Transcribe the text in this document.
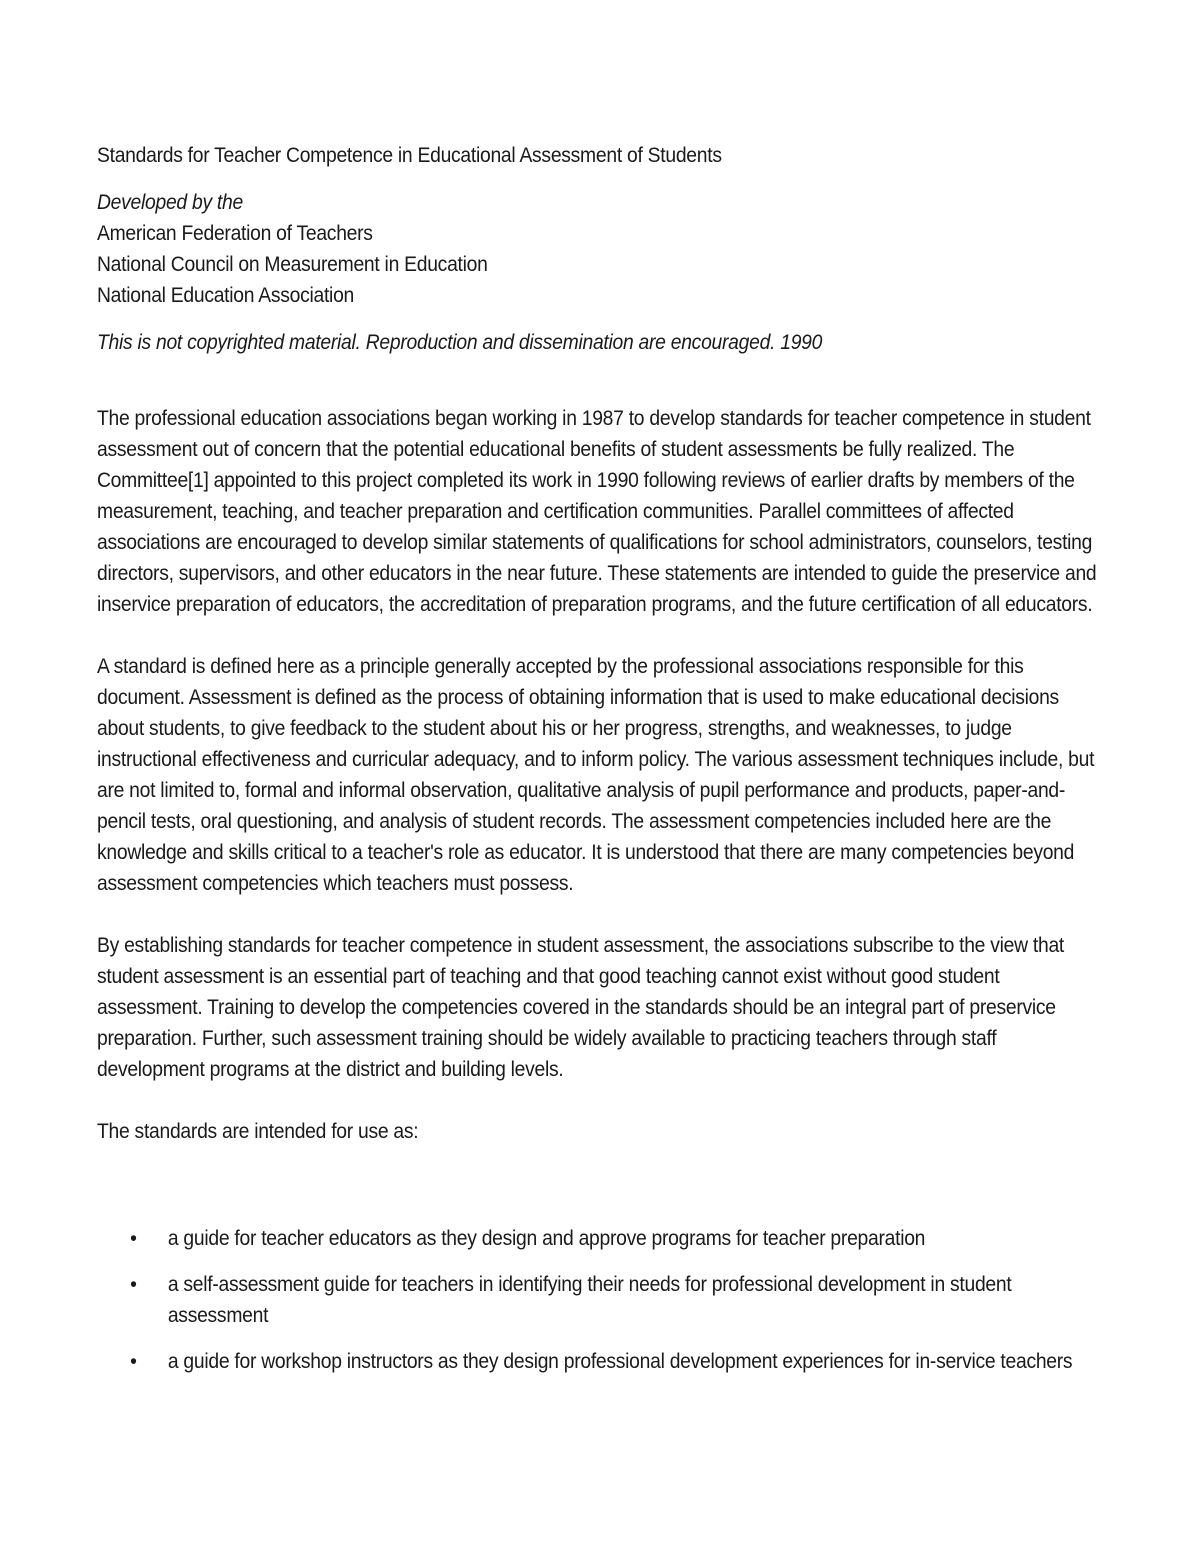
Standards for Teacher Competence in Educational Assessment of Students

Developed by the

American Federation of Teachers

National Council on Measurement in Education

National Education Association

This is not copyrighted material. Reproduction and dissemination are encouraged. 1990

The professional education associations began working in 1987 to develop standards for teacher competence in student assessment out of concern that the potential educational benefits of student assessments be fully realized. The Committee[1] appointed to this project completed its work in 1990 following reviews of earlier drafts by members of the measurement, teaching, and teacher preparation and certification communities. Parallel committees of affected associations are encouraged to develop similar statements of qualifications for school administrators, counselors, testing directors, supervisors, and other educators in the near future. These statements are intended to guide the preservice and inservice preparation of educators, the accreditation of preparation programs, and the future certification of all educators.

A standard is defined here as a principle generally accepted by the professional associations responsible for this document. Assessment is defined as the process of obtaining information that is used to make educational decisions about students, to give feedback to the student about his or her progress, strengths, and weaknesses, to judge instructional effectiveness and curricular adequacy, and to inform policy. The various assessment techniques include, but are not limited to, formal and informal observation, qualitative analysis of pupil performance and products, paper-and-pencil tests, oral questioning, and analysis of student records. The assessment competencies included here are the knowledge and skills critical to a teacher's role as educator. It is understood that there are many competencies beyond assessment competencies which teachers must possess.

By establishing standards for teacher competence in student assessment, the associations subscribe to the view that student assessment is an essential part of teaching and that good teaching cannot exist without good student assessment. Training to develop the competencies covered in the standards should be an integral part of preservice preparation. Further, such assessment training should be widely available to practicing teachers through staff development programs at the district and building levels.

The standards are intended for use as:

• a guide for teacher educators as they design and approve programs for teacher preparation
• a self-assessment guide for teachers in identifying their needs for professional development in student assessment
• a guide for workshop instructors as they design professional development experiences for in-service teachers
